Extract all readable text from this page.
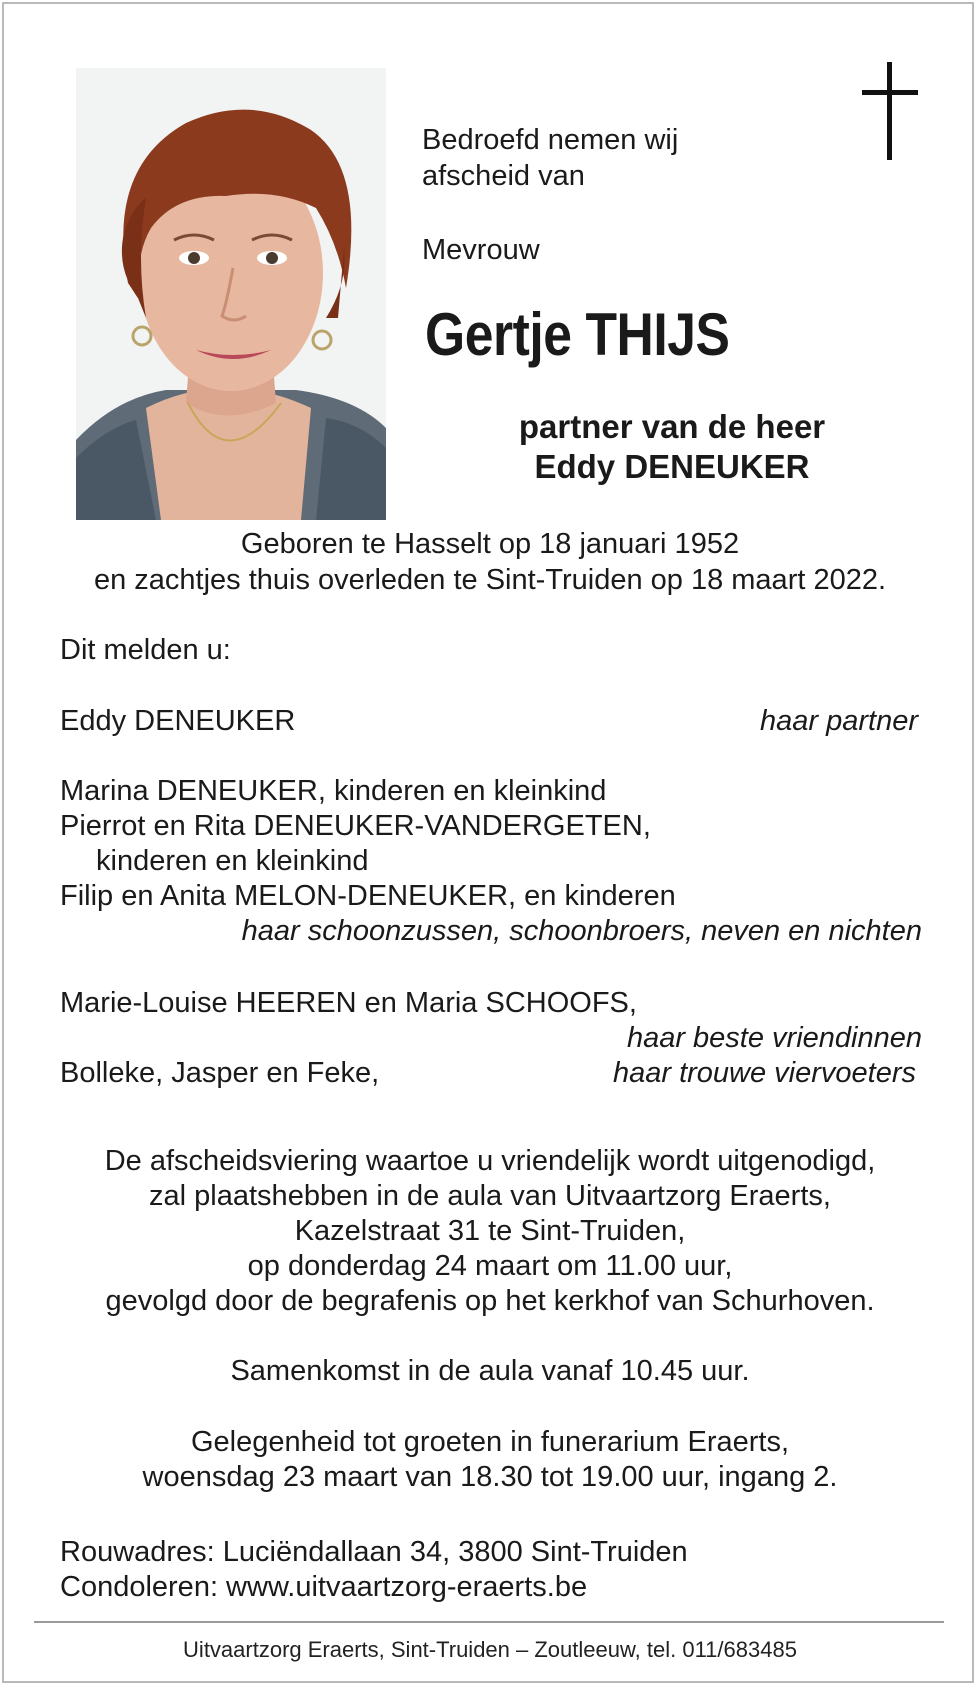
Bedroefd nemen wij
afscheid van
Mevrouw
Gertje THIJS
partner van de heer
Eddy DENEUKER
Geboren te Hasselt op 18 januari 1952
en zachtjes thuis overleden te Sint-Truiden op 18 maart 2022.
Dit melden u:
Eddy DENEUKER	haar partner
Marina DENEUKER, kinderen en kleinkind
Pierrot en Rita DENEUKER-VANDERGETEN,
kinderen en kleinkind
Filip en Anita MELON-DENEUKER, en kinderen
haar schoonzussen, schoonbroers, neven en nichten
Marie-Louise HEEREN en Maria SCHOOFS,
haar beste vriendinnen
Bolleke, Jasper en Feke,	haar trouwe viervoeters
De afscheidsviering waartoe u vriendelijk wordt uitgenodigd,
zal plaatshebben in de aula van Uitvaartzorg Eraerts,
Kazelstraat 31 te Sint-Truiden,
op donderdag 24 maart om 11.00 uur,
gevolgd door de begrafenis op het kerkhof van Schurhoven.
Samenkomst in de aula vanaf 10.45 uur.
Gelegenheid tot groeten in funerarium Eraerts,
woensdag 23 maart van 18.30 tot 19.00 uur, ingang 2.
Rouwadres: Luciëndallaan 34, 3800 Sint-Truiden
Condoleren: www.uitvaartzorg-eraerts.be
Uitvaartzorg Eraerts, Sint-Truiden – Zoutleeuw, tel. 011/683485
